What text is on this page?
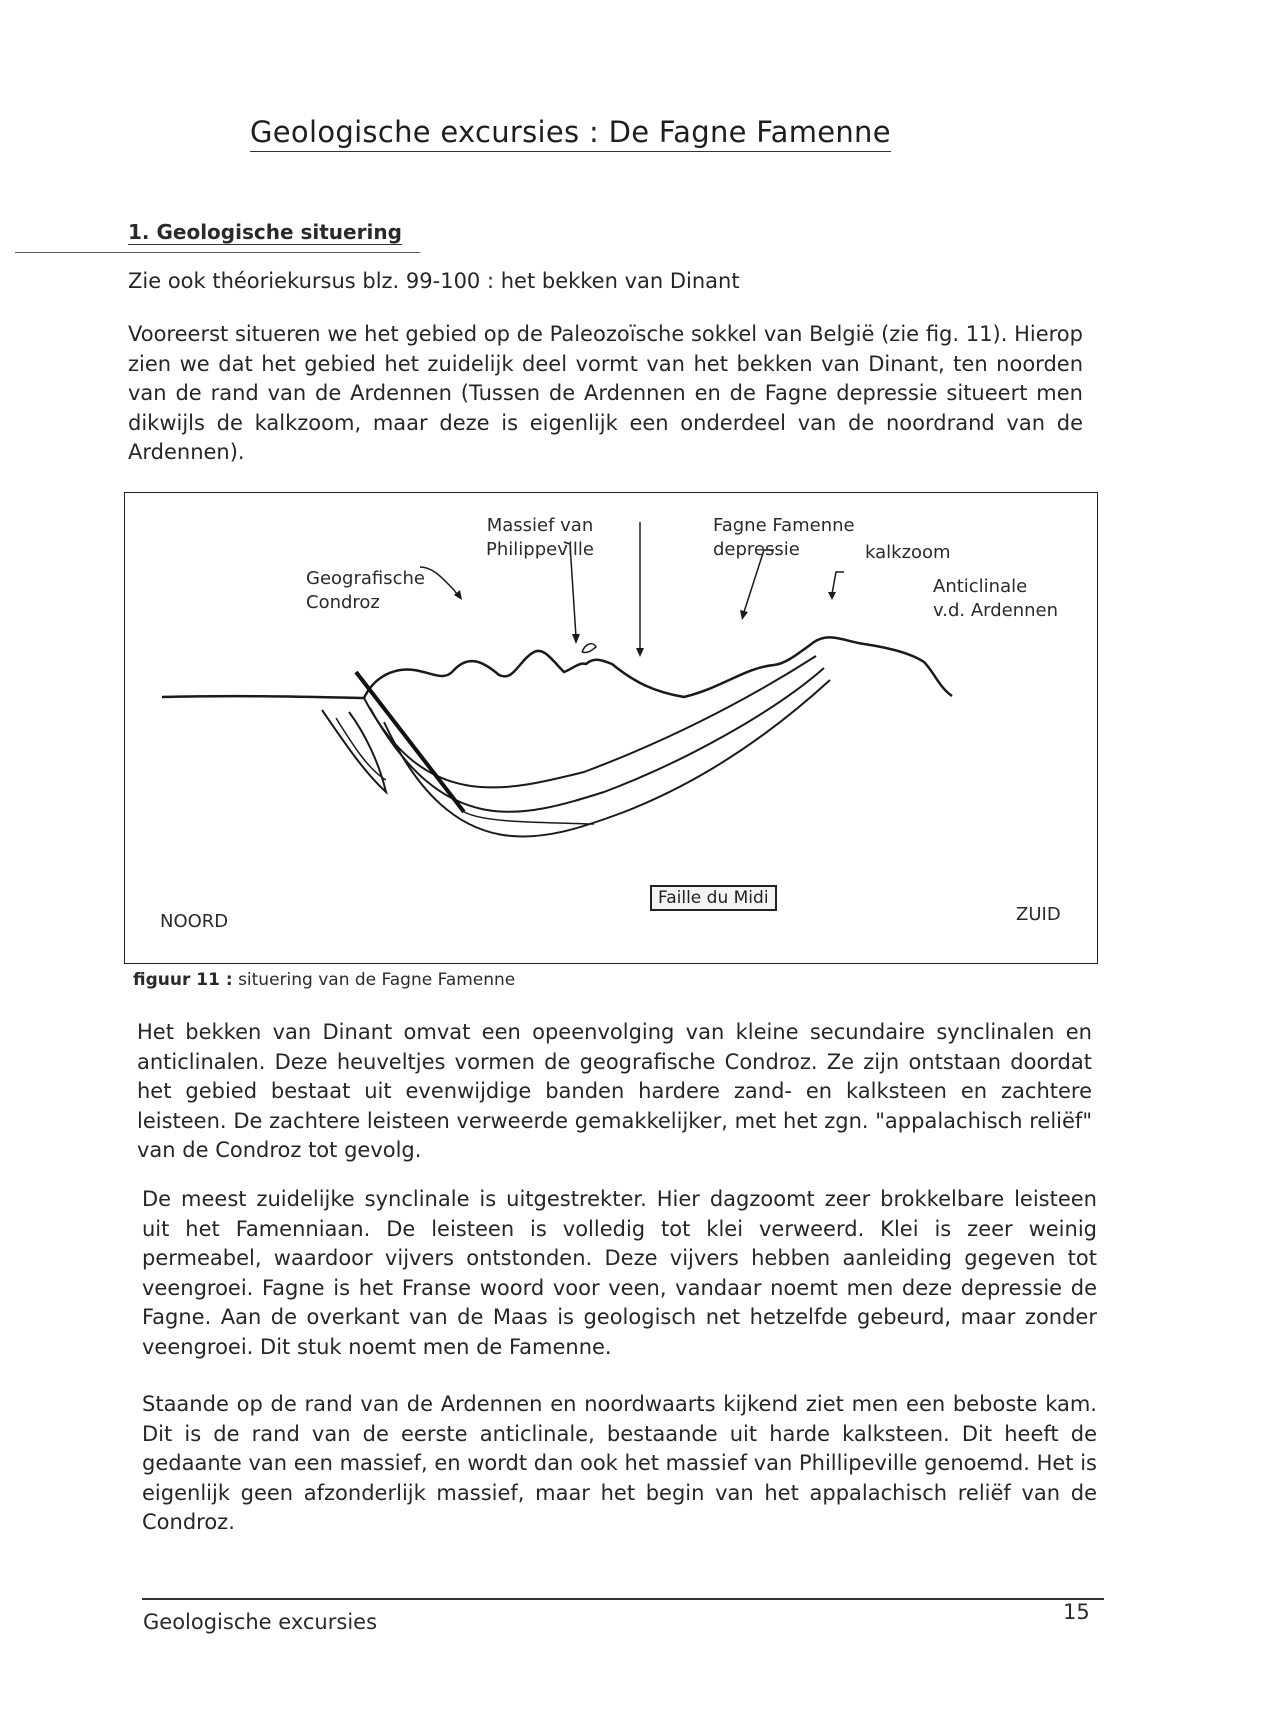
Geologische excursies : De Fagne Famenne
1. Geologische situering
Zie ook théoriekursus blz. 99-100 : het bekken van Dinant
Vooreerst situeren we het gebied op de Paleozoïsche sokkel van België (zie fig. 11). Hierop zien we dat het gebied het zuidelijk deel vormt van het bekken van Dinant, ten noorden van de rand van de Ardennen (Tussen de Ardennen en de Fagne depressie situeert men dikwijls de kalkzoom, maar deze is eigenlijk een onderdeel van de noordrand van de Ardennen).
Massief van
Philippeville
Fagne Famenne
depressie	kalkzoom
Geografische
Condroz
Anticlinale
v.d. Ardennen
Faille du Midi
NOORD	ZUID
figuur 11 : situering van de Fagne Famenne
Het bekken van Dinant omvat een opeenvolging van kleine secundaire synclinalen en anticlinalen. Deze heuveltjes vormen de geografische Condroz. Ze zijn ontstaan doordat het gebied bestaat uit evenwijdige banden hardere zand- en kalksteen en zachtere leisteen. De zachtere leisteen verweerde gemakkelijker, met het zgn. "appalachisch reliëf" van de Condroz tot gevolg.
De meest zuidelijke synclinale is uitgestrekter. Hier dagzoomt zeer brokkelbare leisteen uit het Famenniaan. De leisteen is volledig tot klei verweerd. Klei is zeer weinig permeabel, waardoor vijvers ontstonden. Deze vijvers hebben aanleiding gegeven tot veengroei. Fagne is het Franse woord voor veen, vandaar noemt men deze depressie de Fagne. Aan de overkant van de Maas is geologisch net hetzelfde gebeurd, maar zonder veengroei. Dit stuk noemt men de Famenne.
Staande op de rand van de Ardennen en noordwaarts kijkend ziet men een beboste kam. Dit is de rand van de eerste anticlinale, bestaande uit harde kalksteen. Dit heeft de gedaante van een massief, en wordt dan ook het massief van Phillipeville genoemd. Het is eigenlijk geen afzonderlijk massief, maar het begin van het appalachisch reliëf van de Condroz.
Geologische excursies	15
